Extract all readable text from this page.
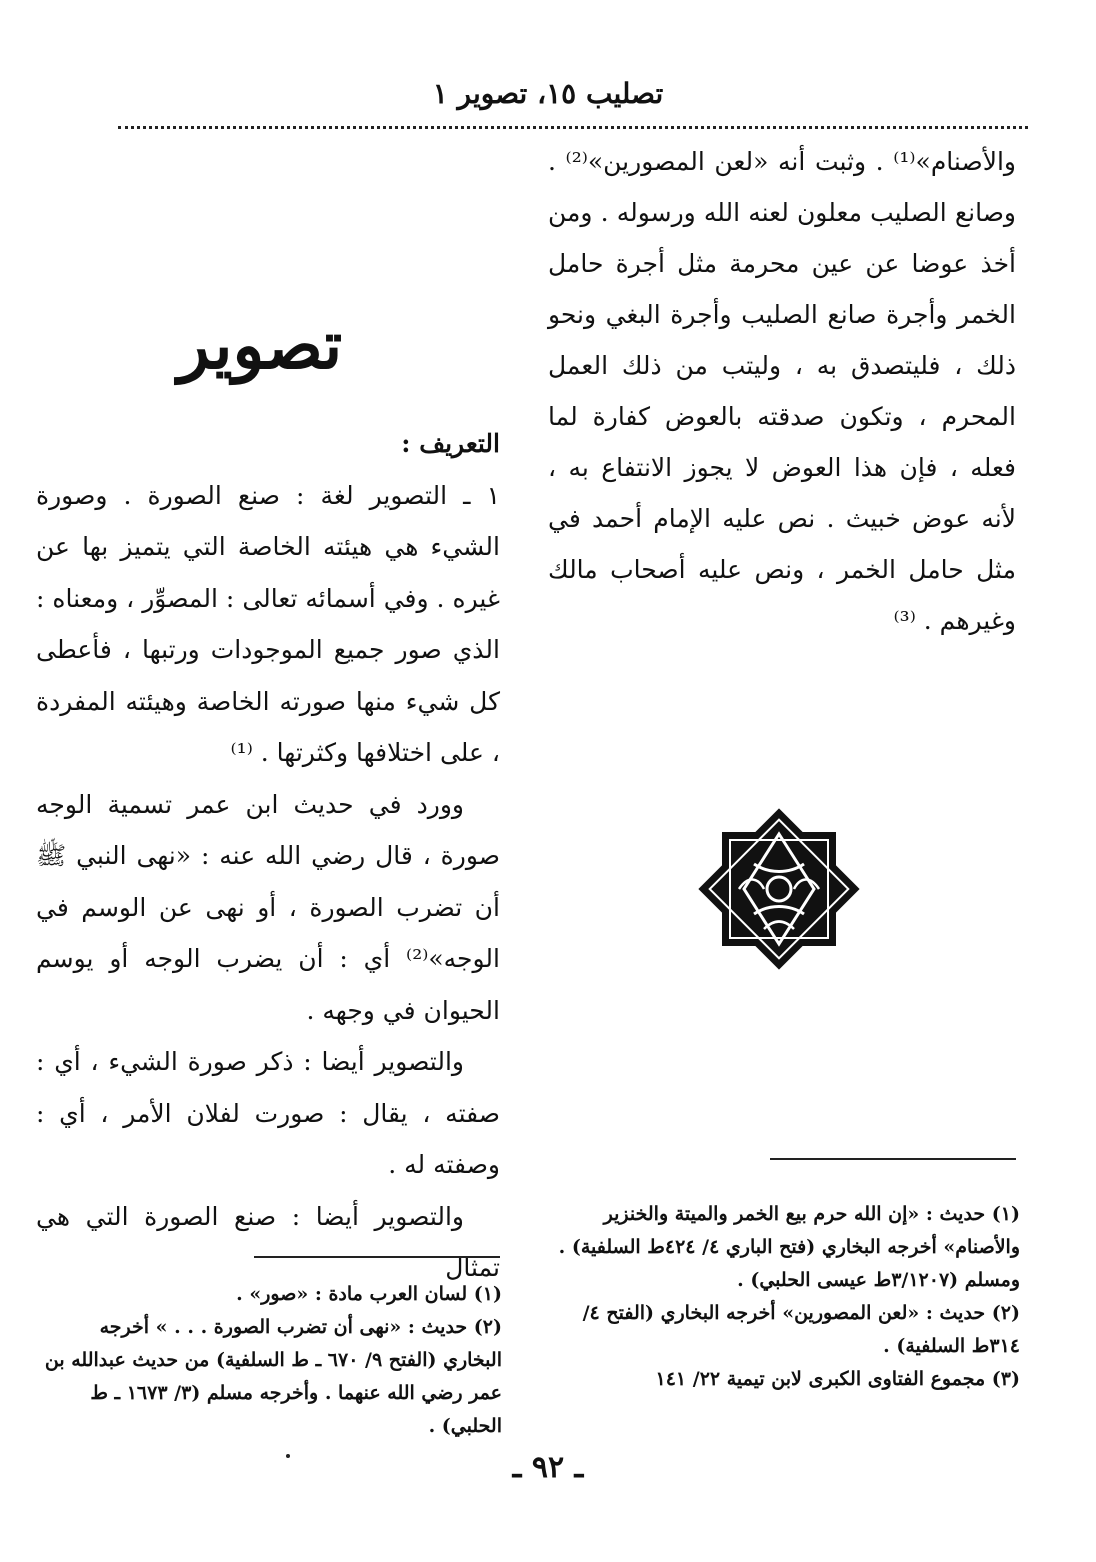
تصليب ١٥، تصوير ١

والأصنام»⁽¹⁾ . وثبت أنه «لعن المصورين»⁽²⁾ . وصانع الصليب معلون لعنه الله ورسوله . ومن أخذ عوضا عن عين محرمة مثل أجرة حامل الخمر وأجرة صانع الصليب وأجرة البغي ونحو ذلك ، فليتصدق به ، وليتب من ذلك العمل المحرم ، وتكون صدقته بالعوض كفارة لما فعله ، فإن هذا العوض لا يجوز الانتفاع به ، لأنه عوض خبيث . نص عليه الإمام أحمد في مثل حامل الخمر ، ونص عليه أصحاب مالك وغيرهم . ⁽³⁾

تصوير

التعريف :

١ ـ التصوير لغة : صنع الصورة . وصورة الشيء هي هيئته الخاصة التي يتميز بها عن غيره . وفي أسمائه تعالى : المصوِّر ، ومعناه : الذي صور جميع الموجودات ورتبها ، فأعطى كل شيء منها صورته الخاصة وهيئته المفردة ، على اختلافها وكثرتها . ⁽¹⁾

وورد في حديث ابن عمر تسمية الوجه صورة ، قال رضي الله عنه : «نهى النبي ﷺ أن تضرب الصورة ، أو نهى عن الوسم في الوجه»⁽²⁾ أي : أن يضرب الوجه أو يوسم الحيوان في وجهه .

والتصوير أيضا : ذكر صورة الشيء ، أي : صفته ، يقال : صورت لفلان الأمر ، أي : وصفته له .

والتصوير أيضا : صنع الصورة التي هي تمثال

(١) حديث : «إن الله حرم بيع الخمر والميتة والخنزير والأصنام» أخرجه البخاري (فتح الباري ٤/ ٤٢٤ط السلفية) . ومسلم (٣/١٢٠٧ط عيسى الحلبي) .

(٢) حديث : «لعن المصورين» أخرجه البخاري (الفتح ٤/ ٣١٤ط السلفية) .

(٣) مجموع الفتاوى الكبرى لابن تيمية ٢٢/ ١٤١

(١) لسان العرب مادة : «صور» .

(٢) حديث : «نهى أن تضرب الصورة . . . » أخرجه البخاري (الفتح ٩/ ٦٧٠ ـ ط السلفية) من حديث عبدالله بن عمر رضي الله عنهما . وأخرجه مسلم (٣/ ١٦٧٣ ـ ط الحلبي) .

ـ ٩٢ ـ
